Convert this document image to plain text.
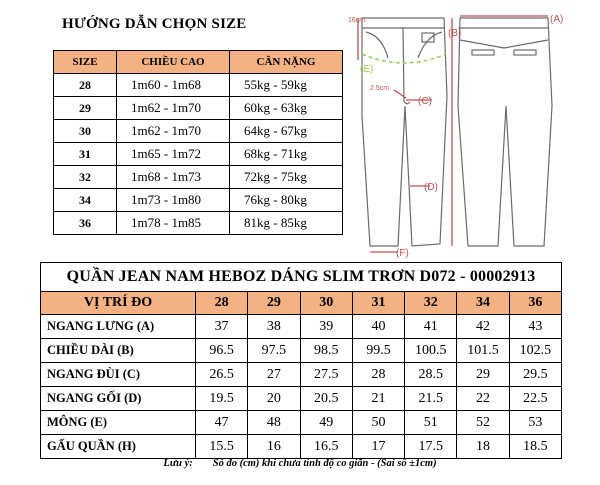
HƯỚNG DẪN CHỌN SIZE
SIZE	CHIỀU CAO	CÂN NẶNG
28	1m60 - 1m68	55kg - 59kg
29	1m62 - 1m70	60kg - 63kg
30	1m62 - 1m70	64kg - 67kg
31	1m65 - 1m72	68kg - 71kg
32	1m68 - 1m73	72kg - 75kg
34	1m73 - 1m80	76kg - 80kg
36	1m78 - 1m85	81kg - 85kg
(A)
(B)
(C)
(D)
(F)
16cm
2.5cm
(E)
QUẦN JEAN NAM HEBOZ DÁNG SLIM TRƠN D072 - 00002913							
VỊ TRÍ ĐO	28	29	30	31	32	34	36
NGANG LƯNG (A)	37	38	39	40	41	42	43
CHIỀU DÀI (B)	96.5	97.5	98.5	99.5	100.5	101.5	102.5
NGANG ĐÙI (C)	26.5	27	27.5	28	28.5	29	29.5
NGANG GỐI (D)	19.5	20	20.5	21	21.5	22	22.5
MÔNG (E)	47	48	49	50	51	52	53
GẤU QUẦN (H)	15.5	16	16.5	17	17.5	18	18.5
Lưu ý: Số đo (cm) khi chưa tính độ co giãn - (Sai số ±1cm)
